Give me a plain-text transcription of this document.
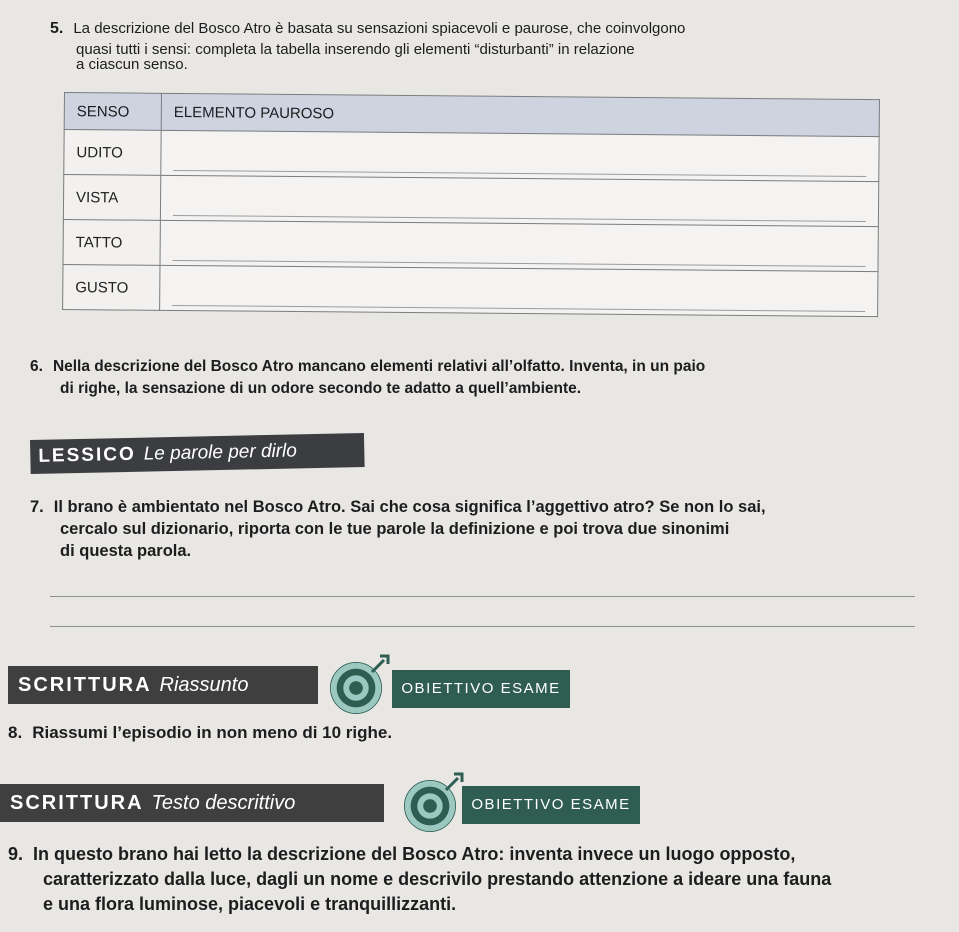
5. La descrizione del Bosco Atro è basata su sensazioni spiacevoli e paurose, che coinvolgono

quasi tutti i sensi: completa la tabella inserendo gli elementi “disturbanti” in relazione
a ciascun senso.
SENSO	ELEMENTO PAUROSO
UDITO	

VISTA	

TATTO	

GUSTO	
6. Nella descrizione del Bosco Atro mancano elementi relativi all’olfatto. Inventa, in un paio

di righe, la sensazione di un odore secondo te adatto a quell’ambiente.
LESSICO Le parole per dirlo
7. Il brano è ambientato nel Bosco Atro. Sai che cosa significa l’aggettivo atro? Se non lo sai,

cercalo sul dizionario, riporta con le tue parole la definizione e poi trova due sinonimi
di questa parola.
SCRITTURA Riassunto	OBIETTIVO ESAME
8. Riassumi l’episodio in non meno di 10 righe.
SCRITTURA Testo descrittivo	OBIETTIVO ESAME
9. In questo brano hai letto la descrizione del Bosco Atro: inventa invece un luogo opposto,

caratterizzato dalla luce, dagli un nome e descrivilo prestando attenzione a ideare una fauna
e una flora luminose, piacevoli e tranquillizzanti.
